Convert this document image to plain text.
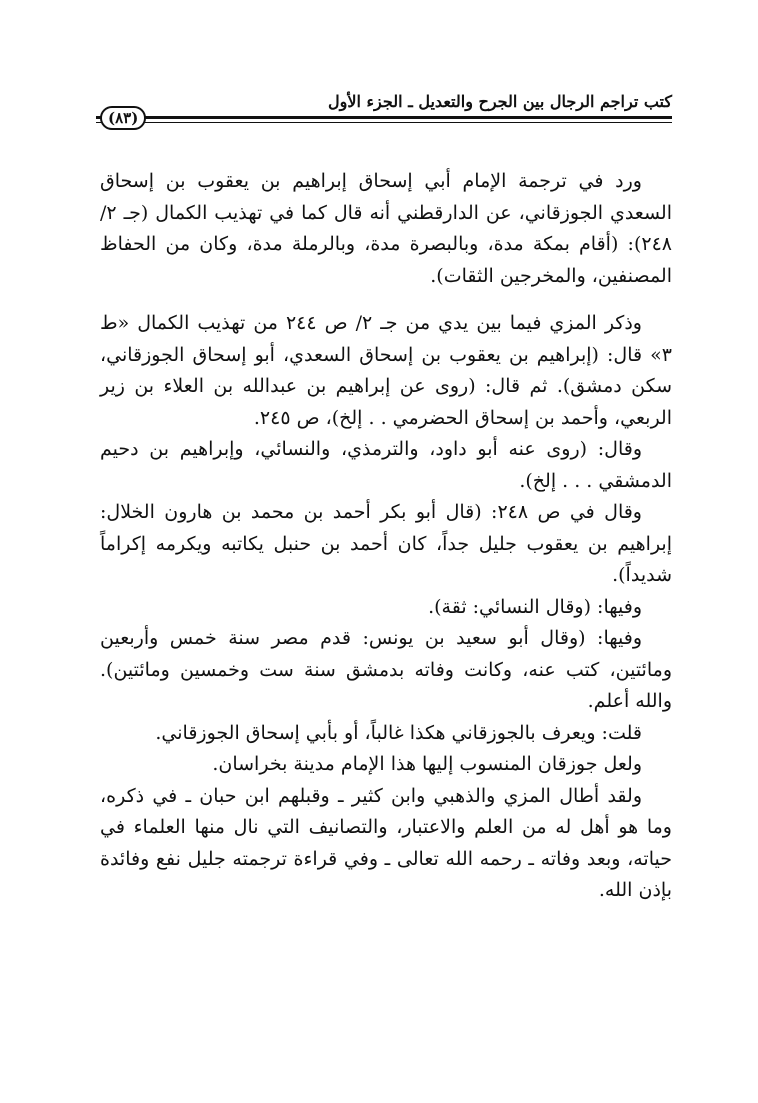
كتب تراجم الرجال بين الجرح والتعديل ـ الجزء الأول
(٨٣)

ورد في ترجمة الإمام أبي إسحاق إبراهيم بن يعقوب بن إسحاق السعدي الجوزقاني، عن الدارقطني أنه قال كما في تهذيب الكمال (جـ ٢/ ٢٤٨): (أقام بمكة مدة، وبالبصرة مدة، وبالرملة مدة، وكان من الحفاظ المصنفين، والمخرجين الثقات).

وذكر المزي فيما بين يدي من جـ ٢/ ص ٢٤٤ من تهذيب الكمال «ط ٣» قال: (إبراهيم بن يعقوب بن إسحاق السعدي، أبو إسحاق الجوزقاني، سكن دمشق). ثم قال: (روى عن إبراهيم بن عبدالله بن العلاء بن زير الربعي، وأحمد بن إسحاق الحضرمي . . إلخ)، ص ٢٤٥.

وقال: (روى عنه أبو داود، والترمذي، والنسائي، وإبراهيم بن دحيم الدمشقي . . . إلخ).

وقال في ص ٢٤٨: (قال أبو بكر أحمد بن محمد بن هارون الخلال: إبراهيم بن يعقوب جليل جداً، كان أحمد بن حنبل يكاتبه ويكرمه إكراماً شديداً).

وفيها: (وقال النسائي: ثقة).

وفيها: (وقال أبو سعيد بن يونس: قدم مصر سنة خمس وأربعين ومائتين، كتب عنه، وكانت وفاته بدمشق سنة ست وخمسين ومائتين). والله أعلم.

قلت: ويعرف بالجوزقاني هكذا غالباً، أو بأبي إسحاق الجوزقاني.

ولعل جوزقان المنسوب إليها هذا الإمام مدينة بخراسان.

ولقد أطال المزي والذهبي وابن كثير ـ وقبلهم ابن حبان ـ في ذكره، وما هو أهل له من العلم والاعتبار، والتصانيف التي نال منها العلماء في حياته، وبعد وفاته ـ رحمه الله تعالى ـ وفي قراءة ترجمته جليل نفع وفائدة بإذن الله.
